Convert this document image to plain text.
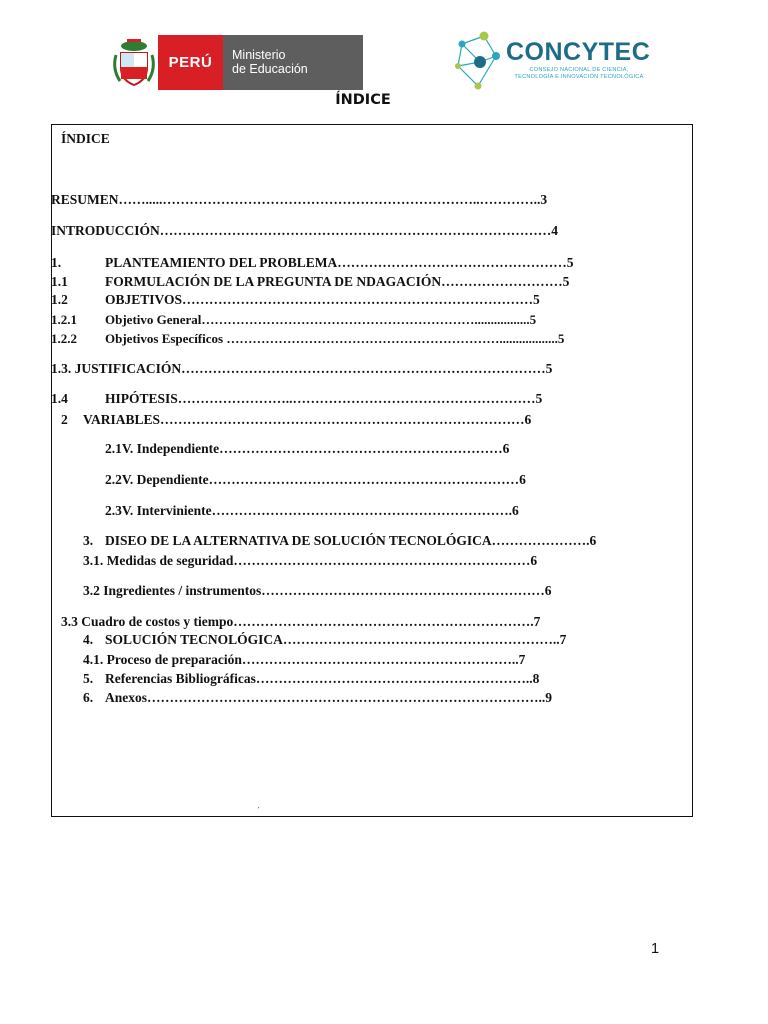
PERÚ	Ministerio
de Educación
CONCYTEC
CONSEJO NACIONAL DE CIENCIA,
TECNOLOGÍA E INNOVACIÓN TECNOLÓGICA
ÍNDICE
ÍNDICE
RESUMEN…….....……………………………………………………………..…………..3
INTRODUCCIÓN……………………………………………………………………………4
1.	PLANTEAMIENTO DEL PROBLEMA……………………………………………5
1.1	FORMULACIÓN DE LA PREGUNTA DE NDAGACIÓN………………………5
1.2	OBJETIVOS……………………………………………………………………5
1.2.1 Objetivo General……………………………………………………….................5
1.2.2 Objetivos Específicos ………………………………………………………..................5
1.3. JUSTIFICACIÓN………………………………………………………………………5
1.4	HIPÓTESIS……………………..………………………………………………5
2 VARIABLES………………………………………………………………………6
2.1V. Independiente………………………………………………………6
2.2V. Dependiente……………………………………………………………6
2.3V. Interviniente………………………………………………………….6
3. DISEO DE LA ALTERNATIVA DE SOLUCIÓN TECNOLÓGICA………………….6
3.1. Medidas de seguridad…………………………………………………………6
3.2 Ingredientes / instrumentos………………………………………………………6
3.3 Cuadro de costos y tiempo………………………………………………………….7
4. SOLUCIÓN TECNOLÓGICA……………………………………………………..7
4.1. Proceso de preparación……………………………………………………..7
5. Referencias Bibliográficas……………………………………………………..8
6. Anexos……………………………………………………………………………..9
´
1
